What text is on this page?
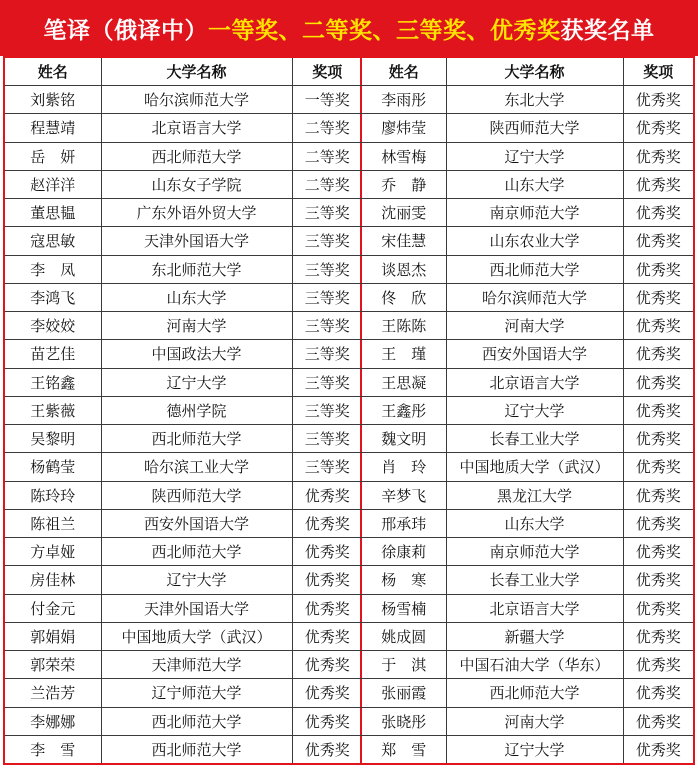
笔译（俄译中） 一等奖、二等奖、三等奖、优秀奖 获奖名单
姓名	大学名称	奖项
刘紫铭	哈尔滨师范大学	一等奖
程慧靖	北京语言大学	二等奖
岳　妍	西北师范大学	二等奖
赵洋洋	山东女子学院	二等奖
董思韫	广东外语外贸大学	三等奖
寇思敏	天津外国语大学	三等奖
李　凤	东北师范大学	三等奖
李鸿飞	山东大学	三等奖
李姣姣	河南大学	三等奖
苗艺佳	中国政法大学	三等奖
王铭鑫	辽宁大学	三等奖
王紫薇	德州学院	三等奖
吴黎明	西北师范大学	三等奖
杨鹤莹	哈尔滨工业大学	三等奖
陈玲玲	陕西师范大学	优秀奖
陈祖兰	西安外国语大学	优秀奖
方卓娅	西北师范大学	优秀奖
房佳林	辽宁大学	优秀奖
付金元	天津外国语大学	优秀奖
郭娟娟	中国地质大学（武汉）	优秀奖
郭荣荣	天津师范大学	优秀奖
兰浩芳	辽宁师范大学	优秀奖
李娜娜	西北师范大学	优秀奖
李　雪	西北师范大学	优秀奖
姓名	大学名称	奖项
李雨彤	东北大学	优秀奖
廖炜莹	陕西师范大学	优秀奖
林雪梅	辽宁大学	优秀奖
乔　静	山东大学	优秀奖
沈丽雯	南京师范大学	优秀奖
宋佳慧	山东农业大学	优秀奖
谈恩杰	西北师范大学	优秀奖
佟　欣	哈尔滨师范大学	优秀奖
王陈陈	河南大学	优秀奖
王　瑾	西安外国语大学	优秀奖
王思凝	北京语言大学	优秀奖
王鑫彤	辽宁大学	优秀奖
魏文明	长春工业大学	优秀奖
肖　玲	中国地质大学（武汉）	优秀奖
辛梦飞	黑龙江大学	优秀奖
邢承玮	山东大学	优秀奖
徐康莉	南京师范大学	优秀奖
杨　寒	长春工业大学	优秀奖
杨雪楠	北京语言大学	优秀奖
姚成圆	新疆大学	优秀奖
于　淇	中国石油大学（华东）	优秀奖
张丽霞	西北师范大学	优秀奖
张晓彤	河南大学	优秀奖
郑　雪	辽宁大学	优秀奖
